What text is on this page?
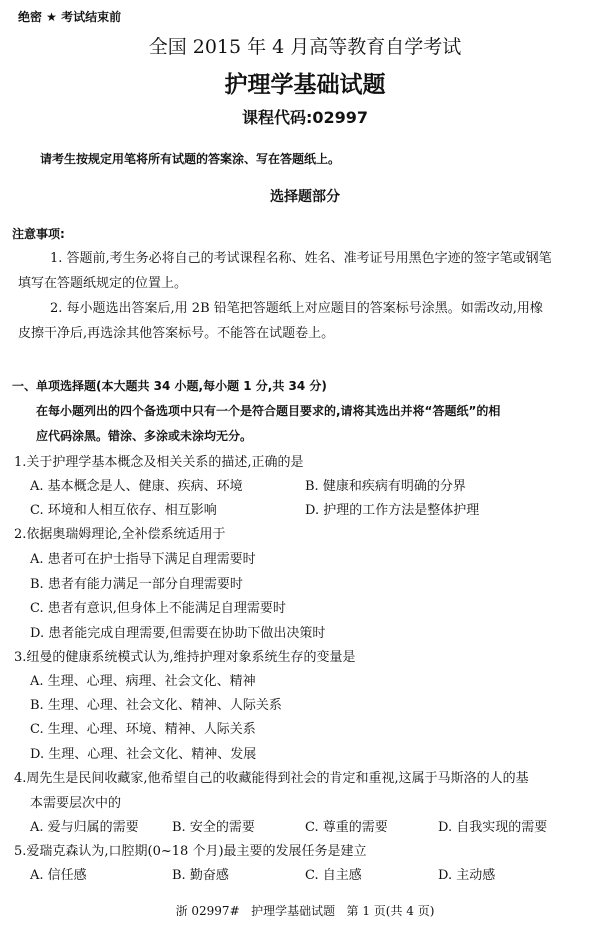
绝密 ★ 考试结束前
全国 2015 年 4 月高等教育自学考试
护理学基础试题
课程代码:02997
请考生按规定用笔将所有试题的答案涂、写在答题纸上。
选择题部分
注意事项:
1. 答题前,考生务必将自己的考试课程名称、姓名、准考证号用黑色字迹的签字笔或钢笔
填写在答题纸规定的位置上。
2. 每小题选出答案后,用 2B 铅笔把答题纸上对应题目的答案标号涂黑。如需改动,用橡
皮擦干净后,再选涂其他答案标号。不能答在试题卷上。
一、单项选择题(本大题共 34 小题,每小题 1 分,共 34 分)
在每小题列出的四个备选项中只有一个是符合题目要求的,请将其选出并将“答题纸”的相
应代码涂黑。错涂、多涂或未涂均无分。
1.关于护理学基本概念及相关关系的描述,正确的是
A. 基本概念是人、健康、疾病、环境	B. 健康和疾病有明确的分界
C. 环境和人相互依存、相互影响	D. 护理的工作方法是整体护理
2.依据奥瑞姆理论,全补偿系统适用于
A. 患者可在护士指导下满足自理需要时
B. 患者有能力满足一部分自理需要时
C. 患者有意识,但身体上不能满足自理需要时
D. 患者能完成自理需要,但需要在协助下做出决策时
3.纽曼的健康系统模式认为,维持护理对象系统生存的变量是
A. 生理、心理、病理、社会文化、精神
B. 生理、心理、社会文化、精神、人际关系
C. 生理、心理、环境、精神、人际关系
D. 生理、心理、社会文化、精神、发展
4.周先生是民间收藏家,他希望自己的收藏能得到社会的肯定和重视,这属于马斯洛的人的基
本需要层次中的
A. 爱与归属的需要	B. 安全的需要	C. 尊重的需要	D. 自我实现的需要
5.爱瑞克森认为,口腔期(0~18 个月)最主要的发展任务是建立
A. 信任感	B. 勤奋感	C. 自主感	D. 主动感
浙 02997#   护理学基础试题   第 1 页(共 4 页)
